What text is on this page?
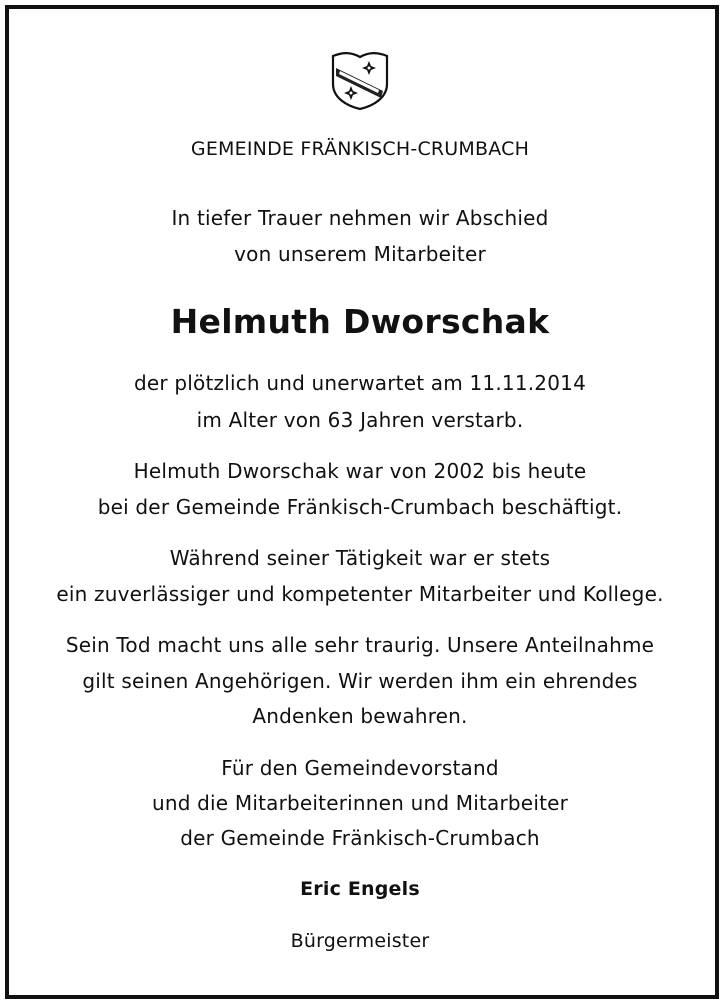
GEMEINDE FRÄNKISCH-CRUMBACH
In tiefer Trauer nehmen wir Abschied
von unserem Mitarbeiter
Helmuth Dworschak
der plötzlich und unerwartet am 11.11.2014
im Alter von 63 Jahren verstarb.
Helmuth Dworschak war von 2002 bis heute
bei der Gemeinde Fränkisch-Crumbach beschäftigt.
Während seiner Tätigkeit war er stets
ein zuverlässiger und kompetenter Mitarbeiter und Kollege.
Sein Tod macht uns alle sehr traurig. Unsere Anteilnahme
gilt seinen Angehörigen. Wir werden ihm ein ehrendes
Andenken bewahren.
Für den Gemeindevorstand
und die Mitarbeiterinnen und Mitarbeiter
der Gemeinde Fränkisch-Crumbach
Eric Engels
Bürgermeister
